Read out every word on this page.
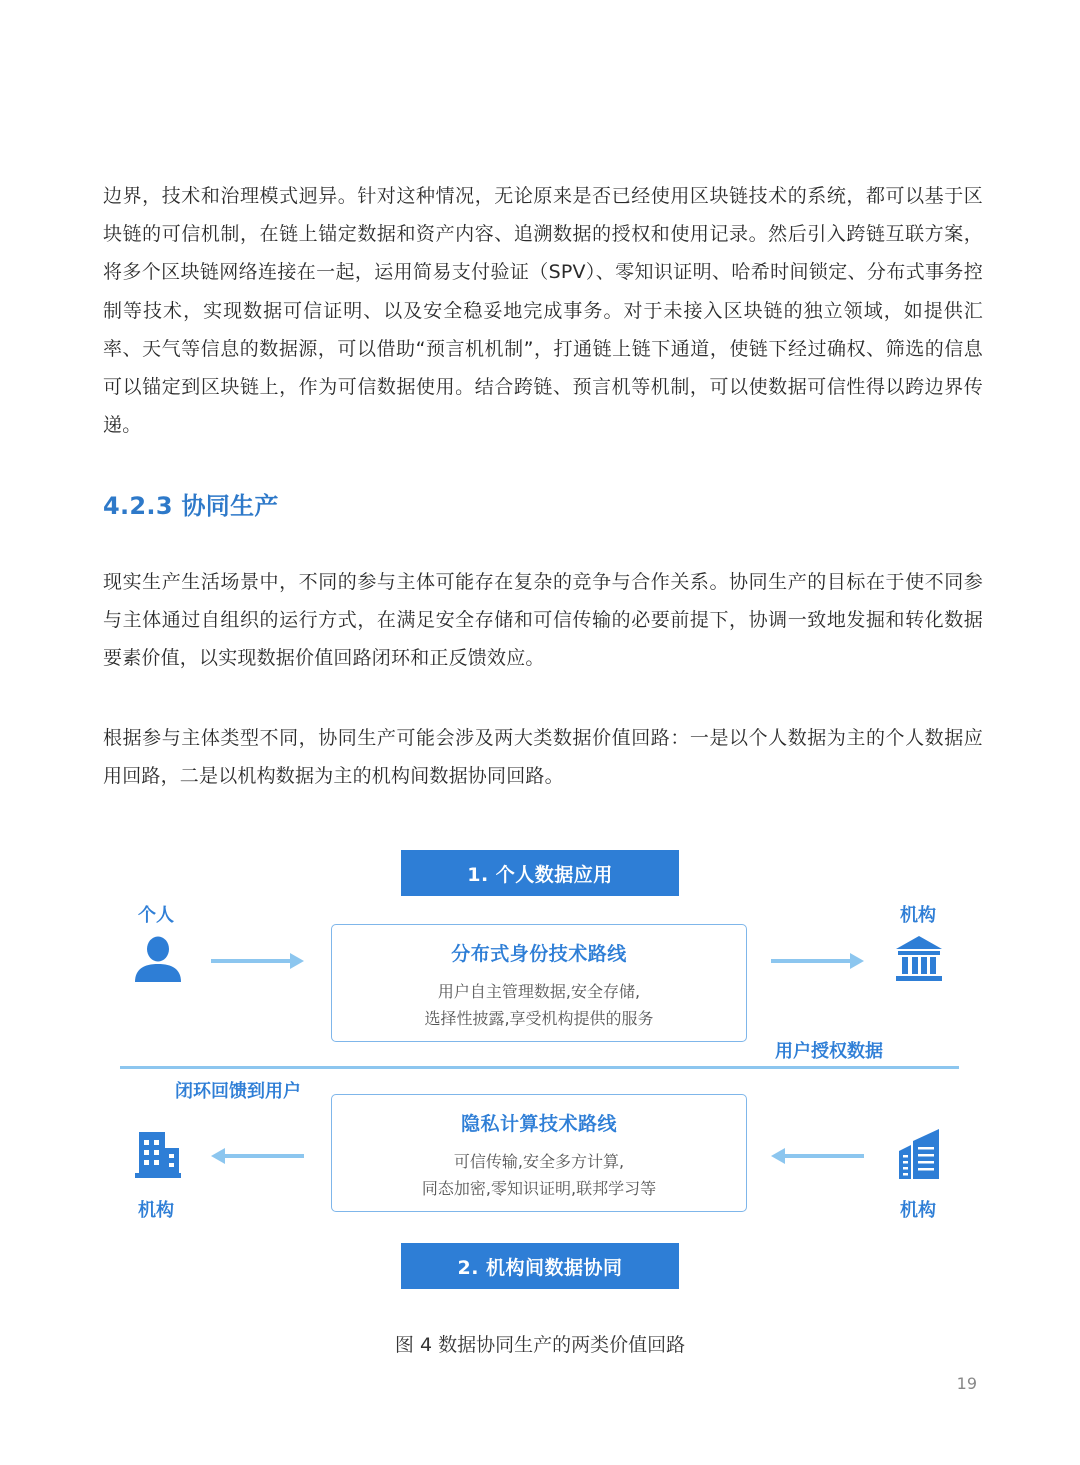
边界，技术和治理模式迥异。针对这种情况，无论原来是否已经使用区块链技术的系统，都可以基于区块链的可信机制，在链上锚定数据和资产内容、追溯数据的授权和使用记录。然后引入跨链互联方案，将多个区块链网络连接在一起，运用简易支付验证（SPV）、零知识证明、哈希时间锁定、分布式事务控制等技术，实现数据可信证明、以及安全稳妥地完成事务。对于未接入区块链的独立领域，如提供汇率、天气等信息的数据源，可以借助“预言机机制”，打通链上链下通道，使链下经过确权、筛选的信息可以锚定到区块链上，作为可信数据使用。结合跨链、预言机等机制，可以使数据可信性得以跨边界传递。

4.2.3 协同生产

现实生产生活场景中，不同的参与主体可能存在复杂的竞争与合作关系。协同生产的目标在于使不同参与主体通过自组织的运行方式，在满足安全存储和可信传输的必要前提下，协调一致地发掘和转化数据要素价值，以实现数据价值回路闭环和正反馈效应。

根据参与主体类型不同，协同生产可能会涉及两大类数据价值回路：一是以个人数据为主的个人数据应用回路，二是以机构数据为主的机构间数据协同回路。

1. 个人数据应用
个人	机构
分布式身份技术路线
用户自主管理数据,安全存储,
选择性披露,享受机构提供的服务
用户授权数据
闭环回馈到用户
隐私计算技术路线
可信传输,安全多方计算,
同态加密,零知识证明,联邦学习等
机构	机构
2. 机构间数据协同

图 4 数据协同生产的两类价值回路

19
